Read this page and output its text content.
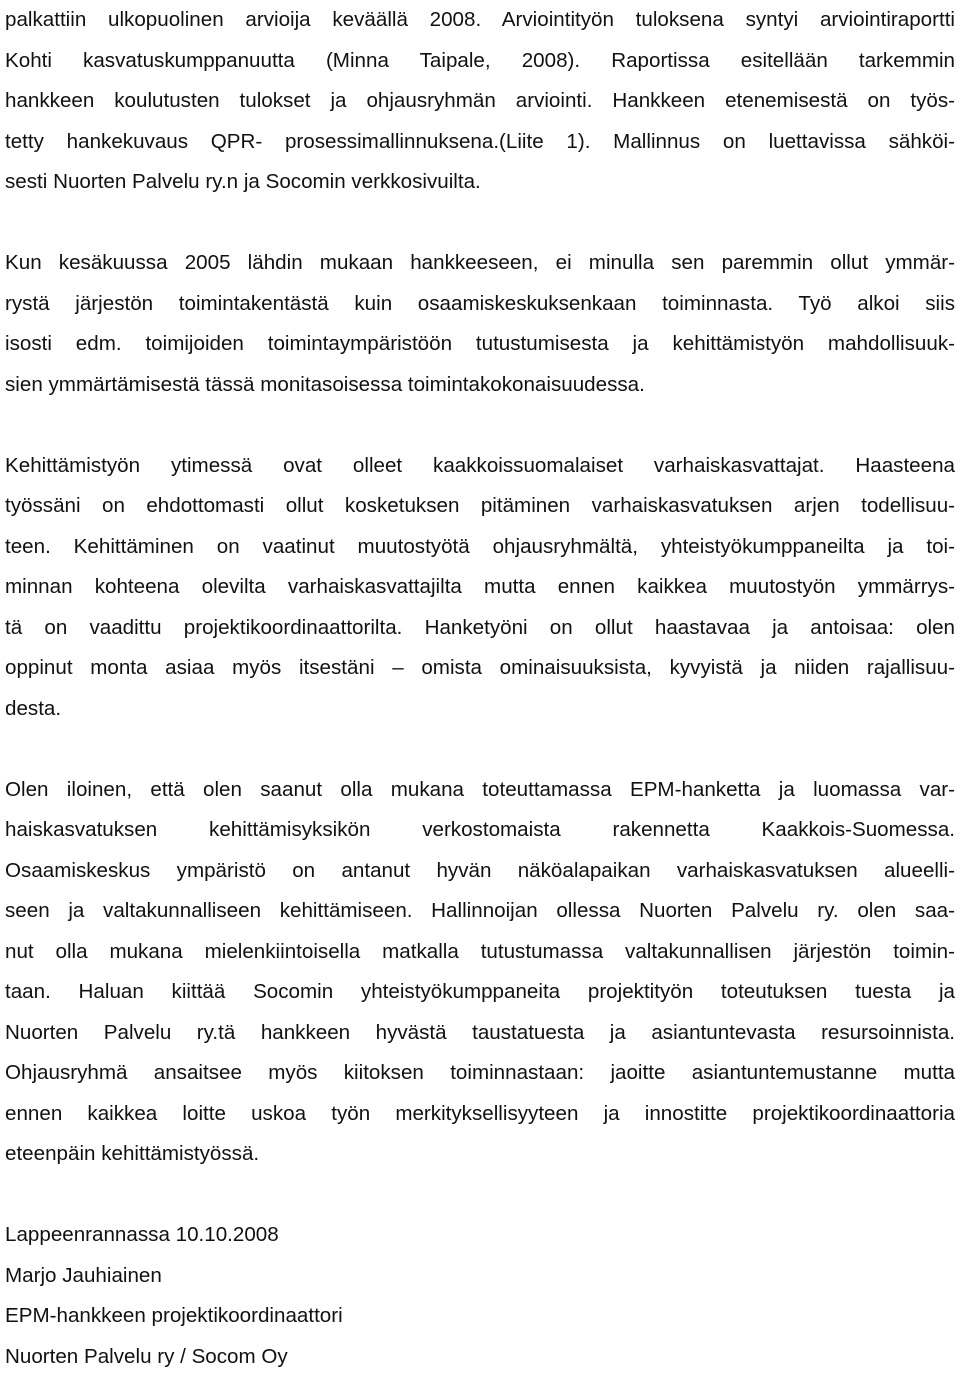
palkattiin ulkopuolinen arvioija keväällä 2008. Arviointityön tuloksena syntyi arviointiraportti
Kohti kasvatuskumppanuutta (Minna Taipale, 2008). Raportissa esitellään tarkemmin
hankkeen koulutusten tulokset ja ohjausryhmän arviointi. Hankkeen etenemisestä on työs-
tetty hankekuvaus QPR- prosessimallinnuksena.(Liite 1). Mallinnus on luettavissa sähköi-
sesti Nuorten Palvelu ry.n ja Socomin verkkosivuilta.
Kun kesäkuussa 2005 lähdin mukaan hankkeeseen, ei minulla sen paremmin ollut ymmär-
rystä järjestön toimintakentästä kuin osaamiskeskuksenkaan toiminnasta. Työ alkoi siis
isosti edm. toimijoiden toimintaympäristöön tutustumisesta ja kehittämistyön mahdollisuuk-
sien ymmärtämisestä tässä monitasoisessa toimintakokonaisuudessa.
Kehittämistyön ytimessä ovat olleet kaakkoissuomalaiset varhaiskasvattajat. Haasteena
työssäni on ehdottomasti ollut kosketuksen pitäminen varhaiskasvatuksen arjen todellisuu-
teen. Kehittäminen on vaatinut muutostyötä ohjausryhmältä, yhteistyökumppaneilta ja toi-
minnan kohteena olevilta varhaiskasvattajilta mutta ennen kaikkea muutostyön ymmärrys-
tä on vaadittu projektikoordinaattorilta. Hanketyöni on ollut haastavaa ja antoisaa: olen
oppinut monta asiaa myös itsestäni – omista ominaisuuksista, kyvyistä ja niiden rajallisuu-
desta.
Olen iloinen, että olen saanut olla mukana toteuttamassa EPM-hanketta ja luomassa var-
haiskasvatuksen kehittämisyksikön verkostomaista rakennetta Kaakkois-Suomessa.
Osaamiskeskus ympäristö on antanut hyvän näköalapaikan varhaiskasvatuksen alueelli-
seen ja valtakunnalliseen kehittämiseen. Hallinnoijan ollessa Nuorten Palvelu ry. olen saa-
nut olla mukana mielenkiintoisella matkalla tutustumassa valtakunnallisen järjestön toimin-
taan. Haluan kiittää Socomin yhteistyökumppaneita projektityön toteutuksen tuesta ja
Nuorten Palvelu ry.tä hankkeen hyvästä taustatuesta ja asiantuntevasta resursoinnista.
Ohjausryhmä ansaitsee myös kiitoksen toiminnastaan: jaoitte asiantuntemustanne mutta
ennen kaikkea loitte uskoa työn merkityksellisyyteen ja innostitte projektikoordinaattoria
eteenpäin kehittämistyössä.
Lappeenrannassa 10.10.2008
Marjo Jauhiainen
EPM-hankkeen projektikoordinaattori
Nuorten Palvelu ry / Socom Oy
